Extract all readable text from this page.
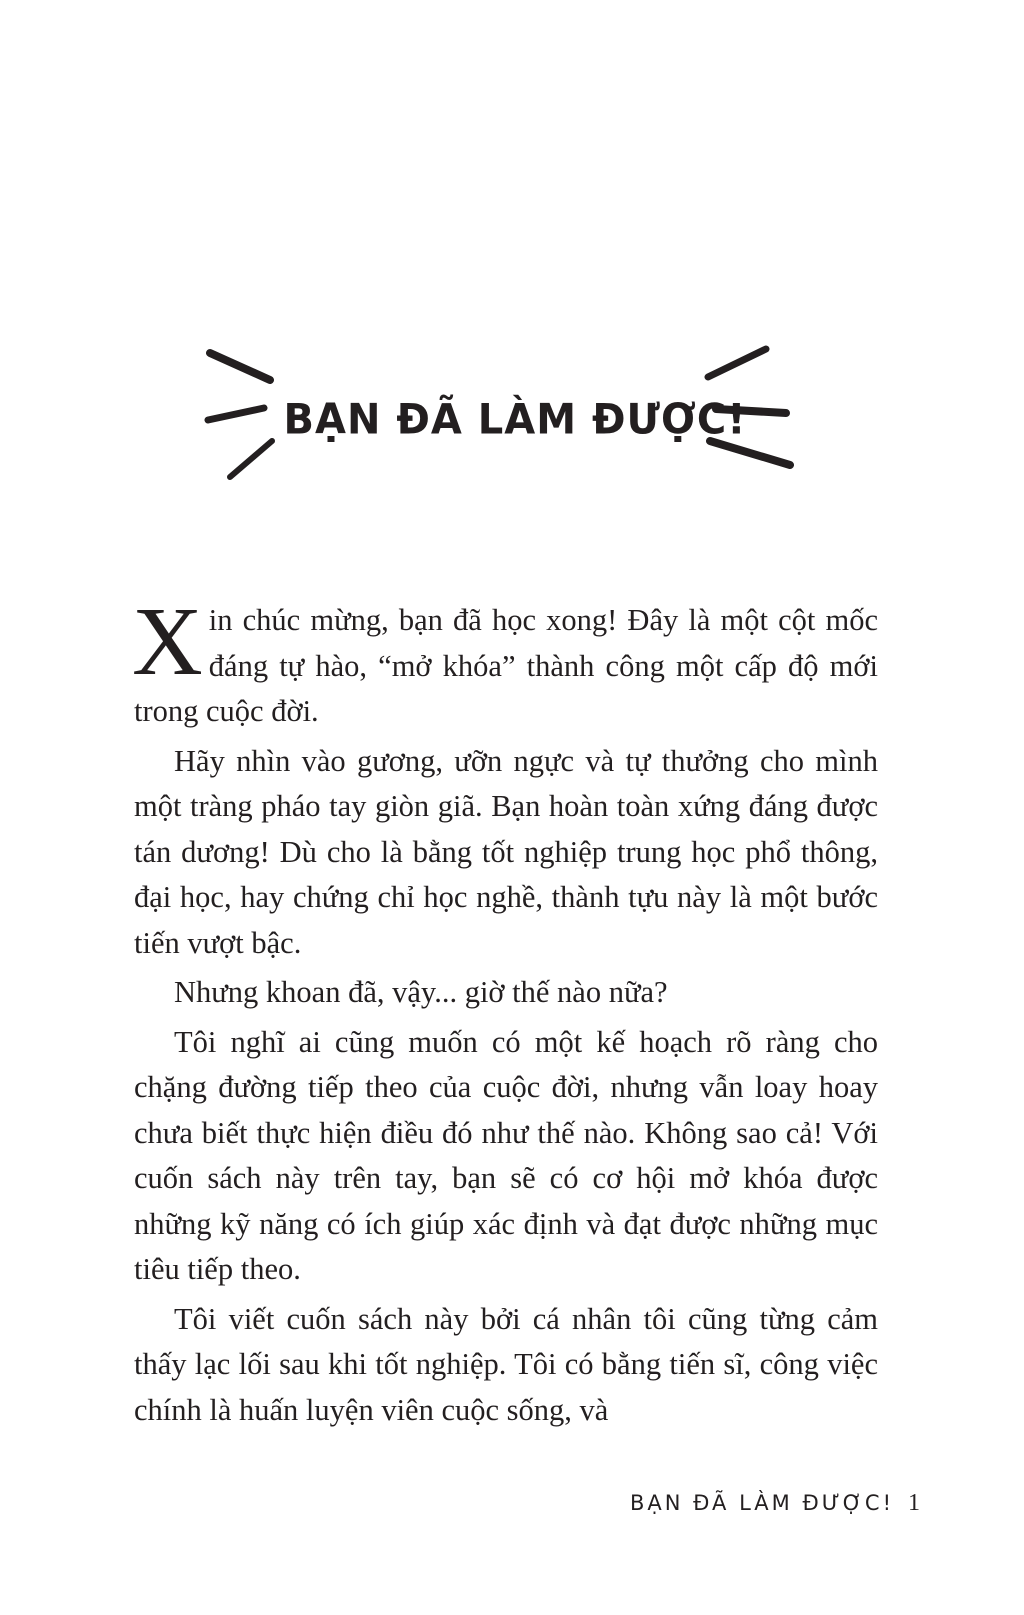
BẠN ĐÃ LÀM ĐƯỢC!

Xin chúc mừng, bạn đã học xong! Đây là một cột mốc đáng tự hào, “mở khóa” thành công một cấp độ mới trong cuộc đời.

Hãy nhìn vào gương, ưỡn ngực và tự thưởng cho mình một tràng pháo tay giòn giã. Bạn hoàn toàn xứng đáng được tán dương! Dù cho là bằng tốt nghiệp trung học phổ thông, đại học, hay chứng chỉ học nghề, thành tựu này là một bước tiến vượt bậc.

Nhưng khoan đã, vậy... giờ thế nào nữa?

Tôi nghĩ ai cũng muốn có một kế hoạch rõ ràng cho chặng đường tiếp theo của cuộc đời, nhưng vẫn loay hoay chưa biết thực hiện điều đó như thế nào. Không sao cả! Với cuốn sách này trên tay, bạn sẽ có cơ hội mở khóa được những kỹ năng có ích giúp xác định và đạt được những mục tiêu tiếp theo.

Tôi viết cuốn sách này bởi cá nhân tôi cũng từng cảm thấy lạc lối sau khi tốt nghiệp. Tôi có bằng tiến sĩ, công việc chính là huấn luyện viên cuộc sống, và

BẠN ĐÃ LÀM ĐƯỢC! 1
